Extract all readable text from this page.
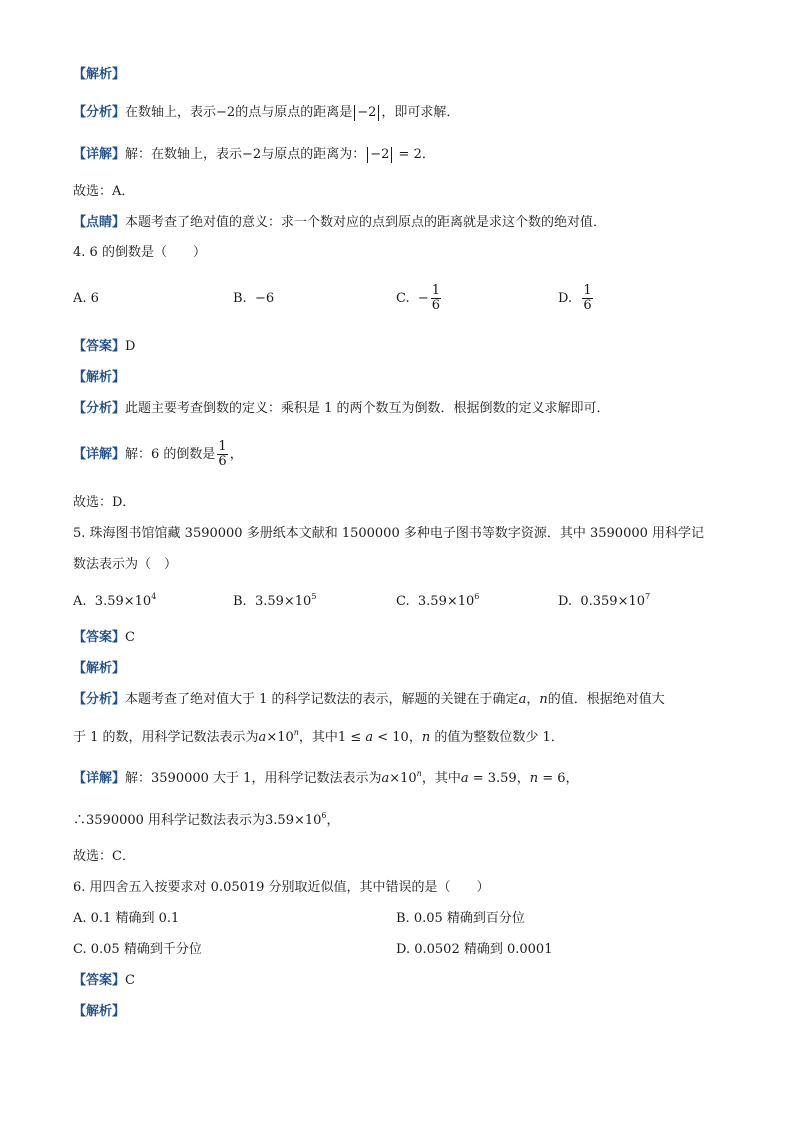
【解析】
【分析】在数轴上，表示−2的点与原点的距离是 −2 ，即可求解．
【详解】解：在数轴上，表示−2与原点的距离为： −2 = 2．
故选：A．
【点睛】本题考查了绝对值的意义：求一个数对应的点到原点的距离就是求这个数的绝对值．
4. 6 的倒数是（　　）
A. 6	B. −6	C. − $\frac{1}{6}$	D. $\frac{1}{6}$
【答案】D
【解析】
【分析】此题主要考查倒数的定义：乘积是 1 的两个数互为倒数．根据倒数的定义求解即可．
【详解】解：6 的倒数是 $\frac{1}{6}$ ，
故选：D．
5. 珠海图书馆馆藏 3590000 多册纸本文献和 1500000 多种电子图书等数字资源．其中 3590000 用科学记
数法表示为（　）
A. $3.59\times 10^4$	B. $3.59\times 10^5$	C. $3.59\times 10^6$	D. $0.359\times 10^7$
【答案】C
【解析】
【分析】本题考查了绝对值大于 1 的科学记数法的表示，解题的关键在于确定a，n的值．根据绝对值大
于 1 的数，用科学记数法表示为$a\times 10^n$，其中1 ≤ a < 10，n 的值为整数位数少 1．
【详解】解：3590000 大于 1，用科学记数法表示为$a\times 10^n$，其中a = 3.59，n = 6，
∴3590000 用科学记数法表示为$3.59\times 10^6$，
故选：C．
6. 用四舍五入按要求对 0.05019 分别取近似值，其中错误的是（　　）
A. 0.1 精确到 0.1	B. 0.05 精确到百分位
C. 0.05 精确到千分位	D. 0.0502 精确到 0.0001
【答案】C
【解析】
